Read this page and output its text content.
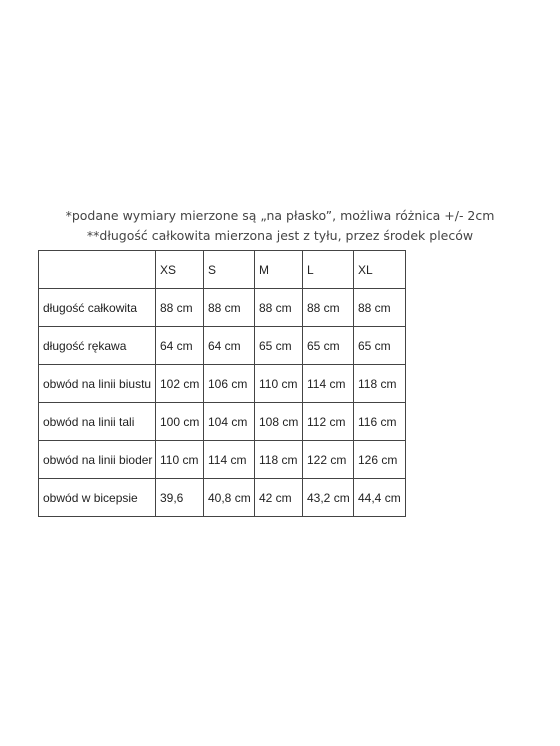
*podane wymiary mierzone są „na płasko”, możliwa różnica +/- 2cm
**długość całkowita mierzona jest z tyłu, przez środek pleców
	XS	S	M	L	XL
długość całkowita	88 cm	88 cm	88 cm	88 cm	88 cm
długość rękawa	64 cm	64 cm	65 cm	65 cm	65 cm
obwód na linii biustu	102 cm	106 cm	110 cm	114 cm	118 cm
obwód na linii tali	100 cm	104 cm	108 cm	112 cm	116 cm
obwód na linii bioder	110 cm	114 cm	118 cm	122 cm	126 cm
obwód w bicepsie	39,6	40,8 cm	42 cm	43,2 cm	44,4 cm
